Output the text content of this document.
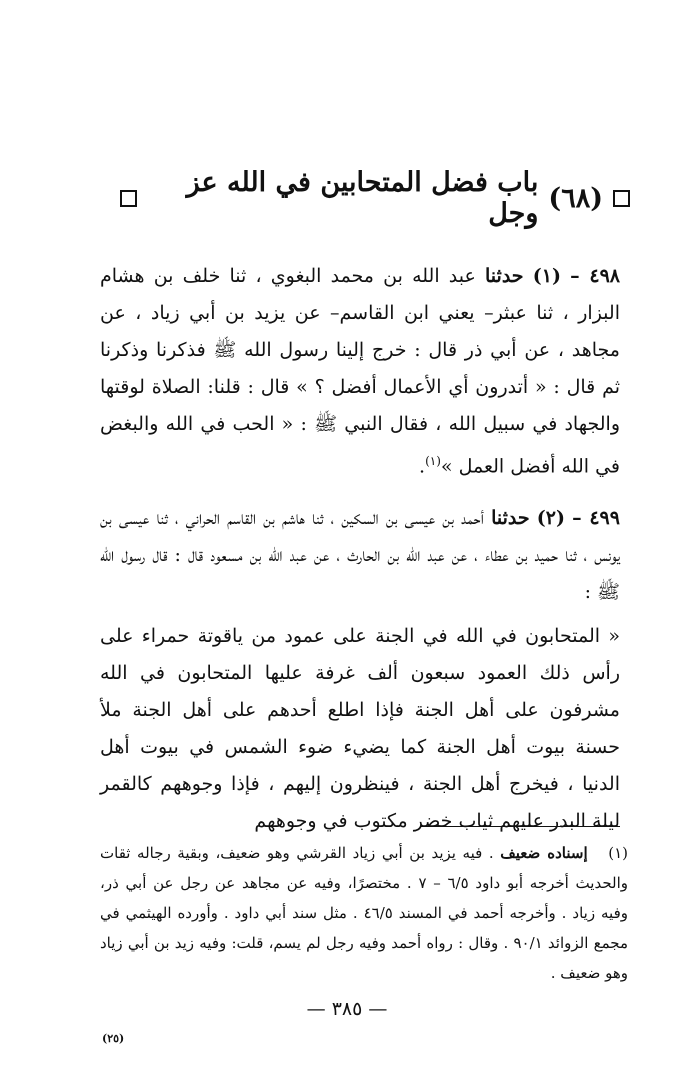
(٦٨)
باب فضل المتحابين في الله عز وجل
٤٩٨ – (١) حدثنا عبد الله بن محمد البغوي ، ثنا خلف بن هشام البزار ، ثنا عبثر– يعني ابن القاسم– عن يزيد بن أبي زياد ، عن مجاهد ، عن أبي ذر قال : خرج إلينا رسول الله ﷺ فذكرنا وذكرنا ثم قال : « أتدرون أي الأعمال أفضل ؟ » قال : قلنا: الصلاة لوقتها والجهاد في سبيل الله ، فقال النبي ﷺ : « الحب في الله والبغض في الله أفضل العمل »$^{(١)}$.
٤٩٩ – (٢) حدثنا أحمد بن عيسى بن السكين ، ثنا هاشم بن القاسم الحراني ، ثنا عيسى بن يونس ، ثنا حميد بن عطاء ، عن عبد الله بن الحارث ، عن عبد الله بن مسعود قال : قال رسول الله ﷺ :
« المتحابون في الله في الجنة على عمود من ياقوتة حمراء على رأس ذلك العمود سبعون ألف غرفة عليها المتحابون في الله مشرفون على أهل الجنة فإذا اطلع أحدهم على أهل الجنة ملأ حسنة بيوت أهل الجنة كما يضيء ضوء الشمس في بيوت أهل الدنيا ، فيخرج أهل الجنة ، فينظرون إليهم ، فإذا وجوههم كالقمر ليلة البدر عليهم ثياب خضر مكتوب في وجوههم
(١) إسناده ضعيف . فيه يزيد بن أبي زياد القرشي وهو ضعيف، وبقية رجاله ثقات والحديث أخرجه أبو داود ٦/٥ – ٧ . مختصرًا، وفيه عن مجاهد عن رجل عن أبي ذر، وفيه زياد . وأخرجه أحمد في المسند ٤٦/٥ . مثل سند أبي داود . وأورده الهيثمي في مجمع الزوائد ٩٠/١ . وقال : رواه أحمد وفيه رجل لم يسم، قلت: وفيه زيد بن أبي زياد وهو ضعيف .
— ٣٨٥ —
(٢٥)
